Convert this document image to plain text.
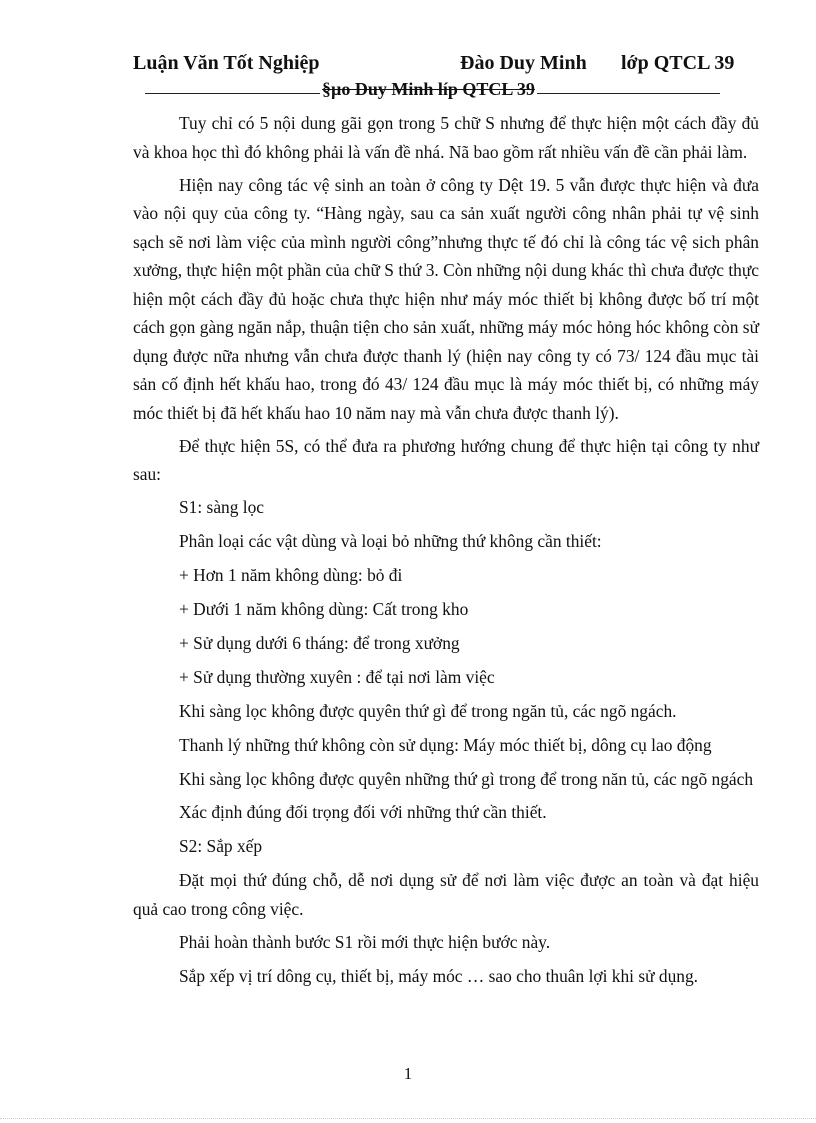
Luận Văn Tốt Nghiệp	Đào Duy Minh lớp QTCL 39
§µo Duy Minh líp QTCL 39

Tuy chỉ có 5 nội dung gãi gọn trong 5 chữ S nhưng để thực hiện một cách đầy đủ và khoa học thì đó không phải là vấn đề nhá. Nã bao gồm rất nhiều vấn đề cần phải làm.

Hiện nay công tác vệ sinh an toàn ở công ty Dệt 19. 5 vẫn được thực hiện và đưa vào nội quy của công ty. “Hàng ngày, sau ca sản xuất người công nhân phải tự vệ sinh sạch sẽ nơi làm việc của mình người công”nhưng thực tế đó chỉ là công tác vệ sich phân xưởng, thực hiện một phần của chữ S thứ 3. Còn những nội dung khác thì chưa được thực hiện một cách đầy đủ hoặc chưa thực hiện như máy móc thiết bị không được bố trí một cách gọn gàng ngăn nắp, thuận tiện cho sản xuất, những máy móc hỏng hóc không còn sử dụng được nữa nhưng vẫn chưa được thanh lý (hiện nay công ty có 73/ 124 đầu mục tài sản cố định hết khấu hao, trong đó 43/ 124 đầu mục là máy móc thiết bị, có những máy móc thiết bị đã hết khấu hao 10 năm nay mà vẫn chưa được thanh lý).

Để thực hiện 5S, có thể đưa ra phương hướng chung để thực hiện tại công ty như sau:

S1: sàng lọc

Phân loại các vật dùng và loại bỏ những thứ không cần thiết:

+ Hơn 1 năm không dùng: bỏ đi

+ Dưới 1 năm không dùng: Cất trong kho

+ Sử dụng dưới 6 tháng: để trong xưởng

+ Sử dụng thường xuyên : để tại nơi làm việc

Khi sàng lọc không được quyên thứ gì để trong ngăn tủ, các ngõ ngách.

Thanh lý những thứ không còn sử dụng: Máy móc thiết bị, dông cụ lao động

Khi sàng lọc không được quyên những thứ gì trong để trong năn tủ, các ngõ ngách

Xác định đúng đối trọng đối với những thứ cần thiết.

S2: Sắp xếp

Đặt mọi thứ đúng chỗ, dễ nơi dụng sử để nơi làm việc được an toàn và đạt hiệu quả cao trong công việc.

Phải hoàn thành bước S1 rồi mới thực hiện bước này.

Sắp xếp vị trí dông cụ, thiết bị, máy móc … sao cho thuân lợi khi sử dụng.

1
